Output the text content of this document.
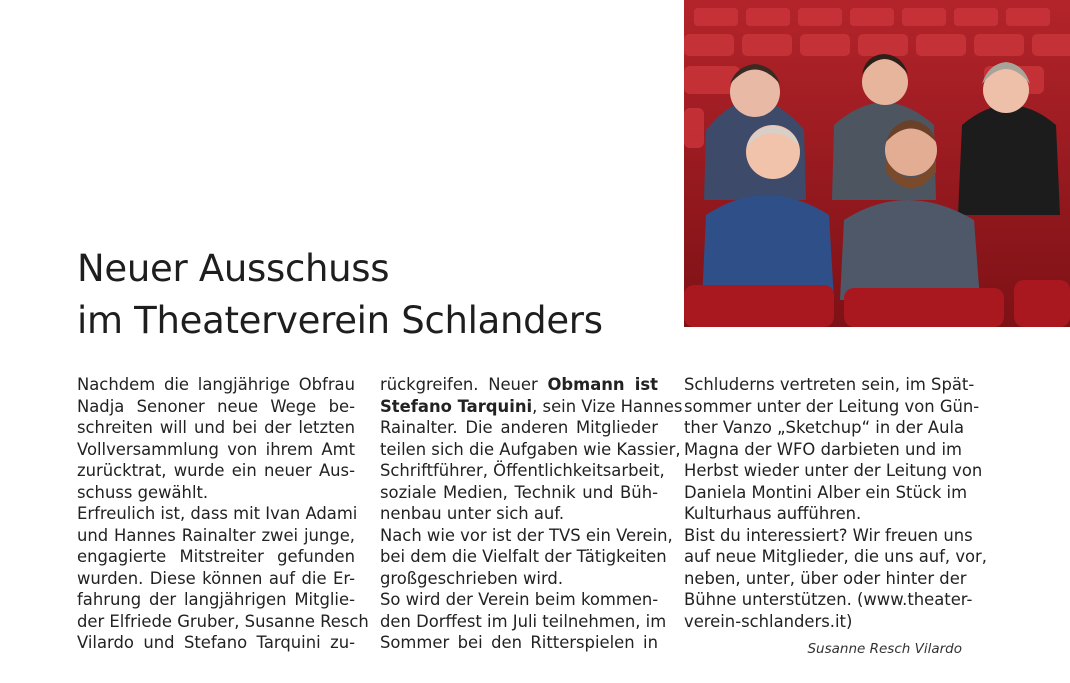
Neuer Ausschuss
im Theaterverein Schlanders
Nachdem die langjährige Obfrau
Nadja Senoner neue Wege be-
schreiten will und bei der letzten
Vollversammlung von ihrem Amt
zurücktrat, wurde ein neuer Aus-
schuss gewählt.
Erfreulich ist, dass mit Ivan Adami
und Hannes Rainalter zwei junge,
engagierte Mitstreiter gefunden
wurden. Diese können auf die Er-
fahrung der langjährigen Mitglie-
der Elfriede Gruber, Susanne Resch
Vilardo und Stefano Tarquini zu-
rückgreifen. Neuer Obmann ist
Stefano Tarquini, sein Vize Hannes
Rainalter. Die anderen Mitglieder
teilen sich die Aufgaben wie Kassier,
Schriftführer, Öffentlichkeitsarbeit,
soziale Medien, Technik und Büh-
nenbau unter sich auf.
Nach wie vor ist der TVS ein Verein,
bei dem die Vielfalt der Tätigkeiten
großgeschrieben wird.
So wird der Verein beim kommen-
den Dorffest im Juli teilnehmen, im
Sommer bei den Ritterspielen in
Schluderns vertreten sein, im Spät-
sommer unter der Leitung von Gün-
ther Vanzo „Sketchup“ in der Aula
Magna der WFO darbieten und im
Herbst wieder unter der Leitung von
Daniela Montini Alber ein Stück im
Kulturhaus aufführen.
Bist du interessiert? Wir freuen uns
auf neue Mitglieder, die uns auf, vor,
neben, unter, über oder hinter der
Bühne unterstützen. (www.theater-
verein-schlanders.it)
Susanne Resch Vilardo
